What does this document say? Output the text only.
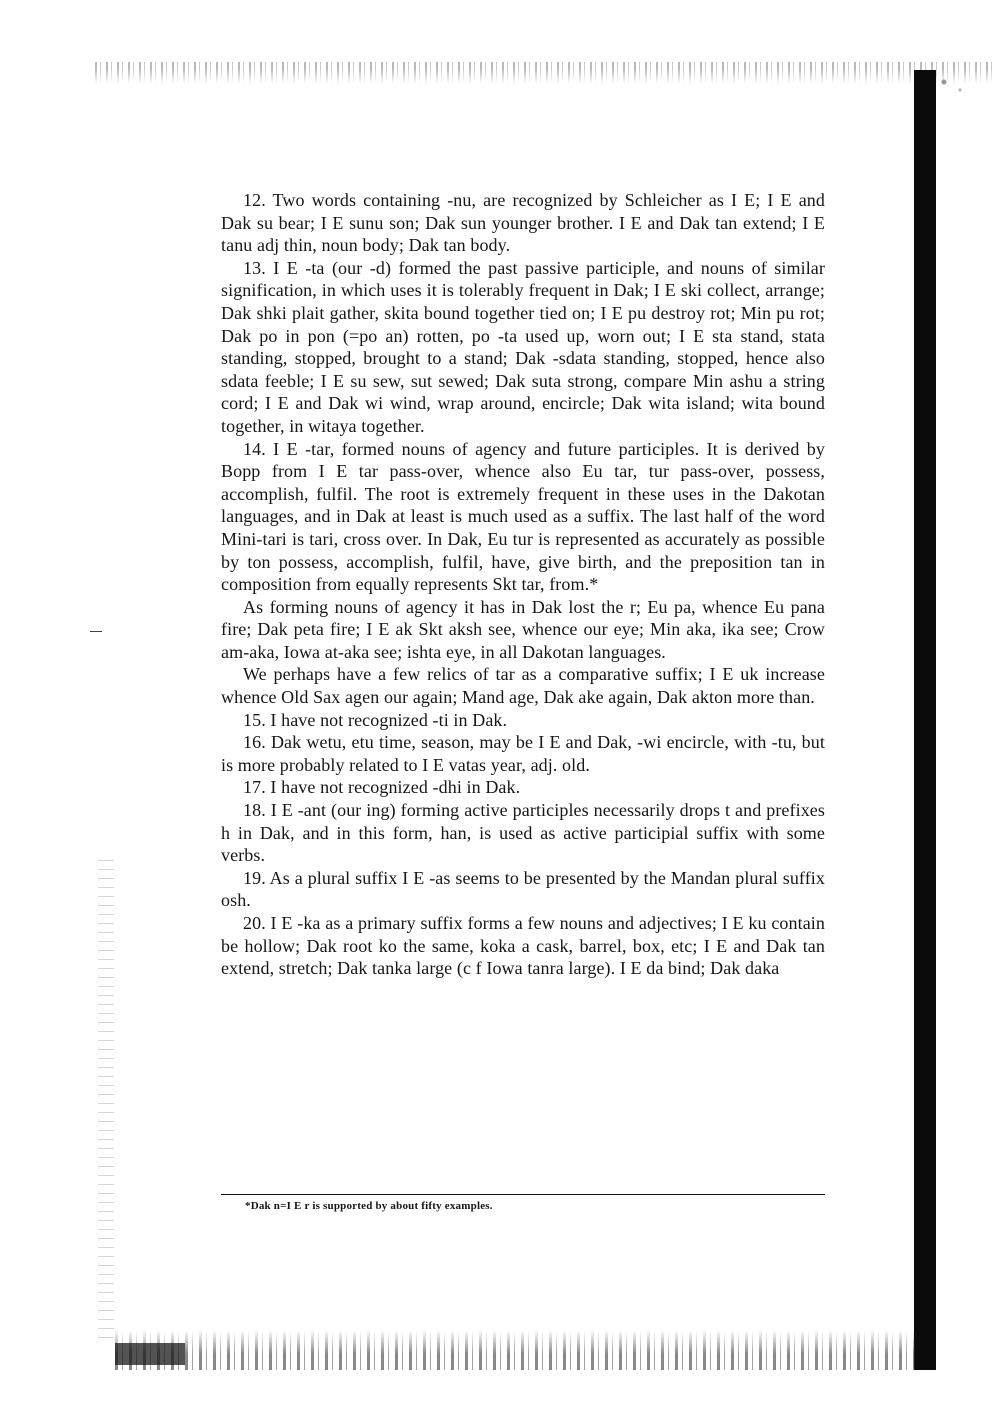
12. Two words containing -nu, are recognized by Schleicher as I E; I E and Dak su bear; I E sunu son; Dak sun younger brother. I E and Dak tan extend; I E tanu adj thin, noun body; Dak tan body.

13. I E -ta (our -d) formed the past passive participle, and nouns of similar signification, in which uses it is tolerably frequent in Dak; I E ski collect, arrange; Dak shki plait gather, skita bound together tied on; I E pu destroy rot; Min pu rot; Dak po in pon (=po an) rotten, po -ta used up, worn out; I E sta stand, stata standing, stopped, brought to a stand; Dak -sdata standing, stopped, hence also sdata feeble; I E su sew, sut sewed; Dak suta strong, compare Min ashu a string cord; I E and Dak wi wind, wrap around, encircle; Dak wita island; wita bound together, in witaya together.

14. I E -tar, formed nouns of agency and future participles. It is derived by Bopp from I E tar pass-over, whence also Eu tar, tur pass-over, possess, accomplish, fulfil. The root is extremely frequent in these uses in the Dakotan languages, and in Dak at least is much used as a suffix. The last half of the word Mini-tari is tari, cross over. In Dak, Eu tur is represented as accurately as possible by ton possess, accomplish, fulfil, have, give birth, and the preposition tan in composition from equally represents Skt tar, from.*

As forming nouns of agency it has in Dak lost the r; Eu pa, whence Eu pana fire; Dak peta fire; I E ak Skt aksh see, whence our eye; Min aka, ika see; Crow am-aka, Iowa at-aka see; ishta eye, in all Dakotan languages.

We perhaps have a few relics of tar as a comparative suffix; I E uk increase whence Old Sax agen our again; Mand age, Dak ake again, Dak akton more than.

15. I have not recognized -ti in Dak.

16. Dak wetu, etu time, season, may be I E and Dak, -wi encircle, with -tu, but is more probably related to I E vatas year, adj. old.

17. I have not recognized -dhi in Dak.

18. I E -ant (our ing) forming active participles necessarily drops t and prefixes h in Dak, and in this form, han, is used as active participial suffix with some verbs.

19. As a plural suffix I E -as seems to be presented by the Mandan plural suffix osh.

20. I E -ka as a primary suffix forms a few nouns and adjectives; I E ku contain be hollow; Dak root ko the same, koka a cask, barrel, box, etc; I E and Dak tan extend, stretch; Dak tanka large (c f Iowa tanra large). I E da bind; Dak daka

*Dak n=I E r is supported by about fifty examples.
